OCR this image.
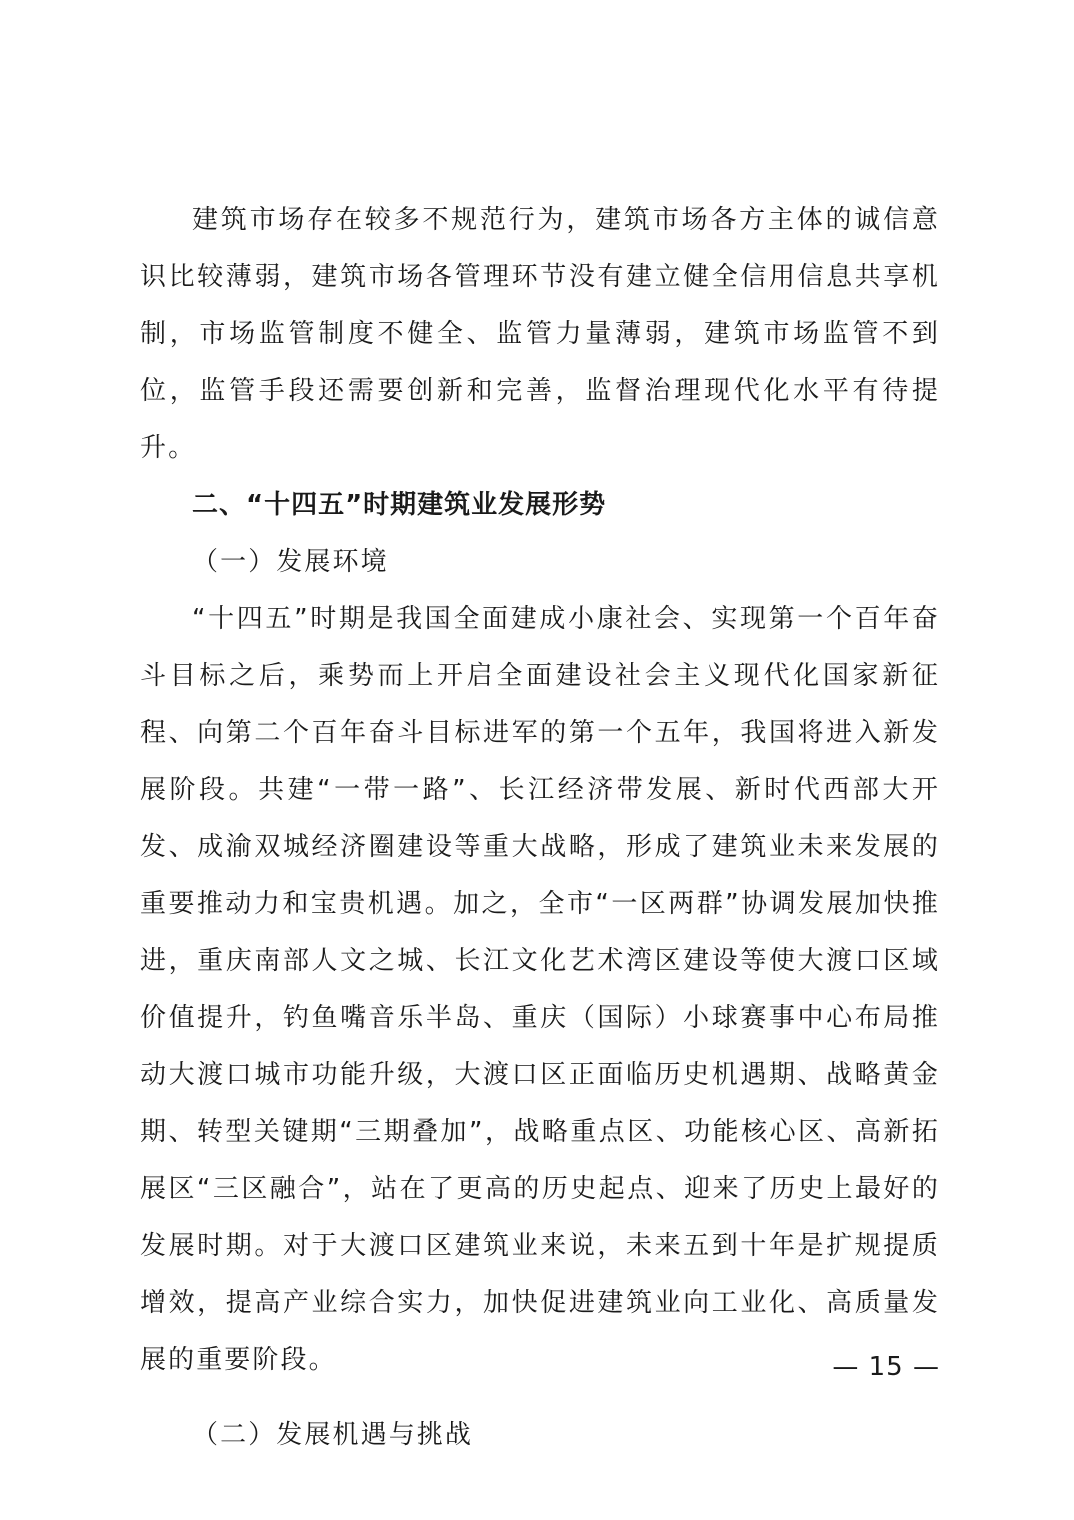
建筑市场存在较多不规范行为，建筑市场各方主体的诚信意识比较薄弱，建筑市场各管理环节没有建立健全信用信息共享机制，市场监管制度不健全、监管力量薄弱，建筑市场监管不到位，监管手段还需要创新和完善，监督治理现代化水平有待提升。

二、“十四五”时期建筑业发展形势

（一）发展环境

“十四五”时期是我国全面建成小康社会、实现第一个百年奋斗目标之后，乘势而上开启全面建设社会主义现代化国家新征程、向第二个百年奋斗目标进军的第一个五年，我国将进入新发展阶段。共建“一带一路”、长江经济带发展、新时代西部大开发、成渝双城经济圈建设等重大战略，形成了建筑业未来发展的重要推动力和宝贵机遇。加之，全市“一区两群”协调发展加快推进，重庆南部人文之城、长江文化艺术湾区建设等使大渡口区域价值提升，钓鱼嘴音乐半岛、重庆（国际）小球赛事中心布局推动大渡口城市功能升级，大渡口区正面临历史机遇期、战略黄金期、转型关键期“三期叠加”，战略重点区、功能核心区、高新拓展区“三区融合”，站在了更高的历史起点、迎来了历史上最好的发展时期。对于大渡口区建筑业来说，未来五到十年是扩规提质增效，提高产业综合实力，加快促进建筑业向工业化、高质量发展的重要阶段。

（二）发展机遇与挑战

— 15 —
